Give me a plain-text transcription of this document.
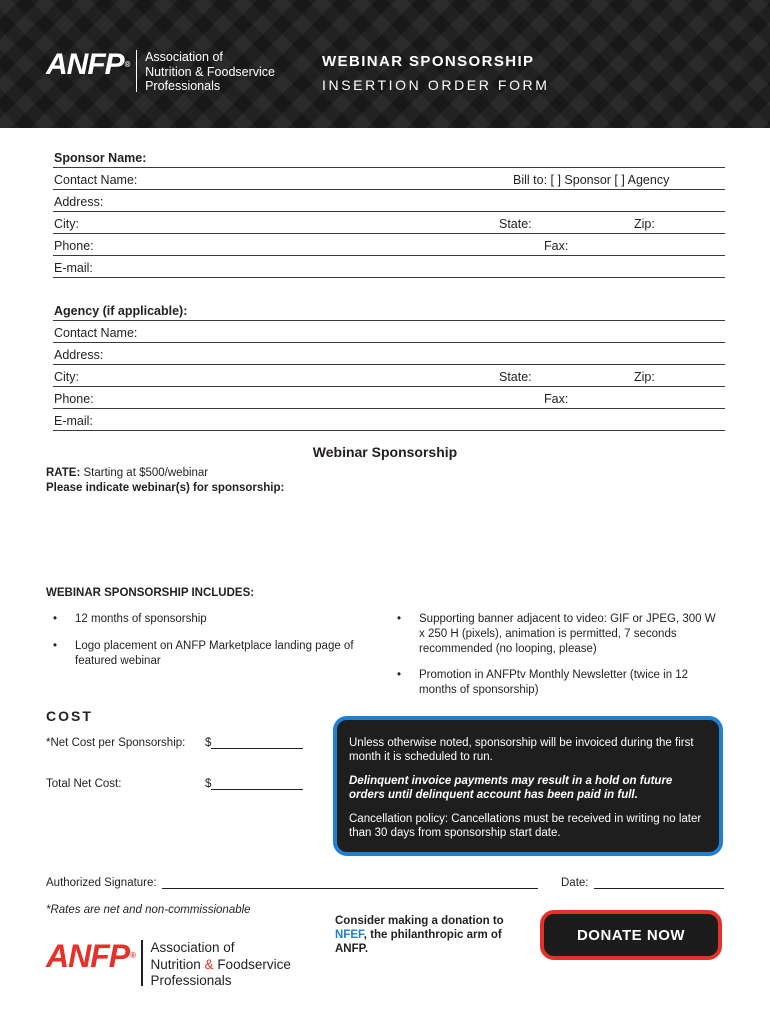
ANFP®
Association of
Nutrition & Foodservice
Professionals
WEBINAR SPONSORSHIP
INSERTION ORDER FORM
Sponsor Name:
Contact Name:	Bill to: [ ] Sponsor [ ] Agency
Address:
City:	State:	Zip:
Phone:	Fax:
E-mail:
Agency (if applicable):
Contact Name:
Address:
City:	State:	Zip:
Phone:	Fax:
E-mail:
Webinar Sponsorship
RATE: Starting at $500/webinar
Please indicate webinar(s) for sponsorship:
WEBINAR SPONSORSHIP INCLUDES:
• 12 months of sponsorship
• Logo placement on ANFP Marketplace landing page of featured webinar
• Supporting banner adjacent to video: GIF or JPEG, 300 W x 250 H (pixels), animation is permitted, 7 seconds recommended (no looping, please)
• Promotion in ANFPtv Monthly Newsletter (twice in 12 months of sponsorship)
COST
*Net Cost per Sponsorship: $
Total Net Cost:	$

Unless otherwise noted, sponsorship will be invoiced during the first month it is scheduled to run.

Delinquent invoice payments may result in a hold on future orders until delinquent account has been paid in full.

Cancellation policy: Cancellations must be received in writing no later than 30 days from sponsorship start date.

Authorized Signature:	Date:
*Rates are net and non-commissionable
ANFP®
Association of
Nutrition & Foodservice
Professionals
Consider making a donation to NFEF, the philanthropic arm of ANFP.
DONATE NOW
